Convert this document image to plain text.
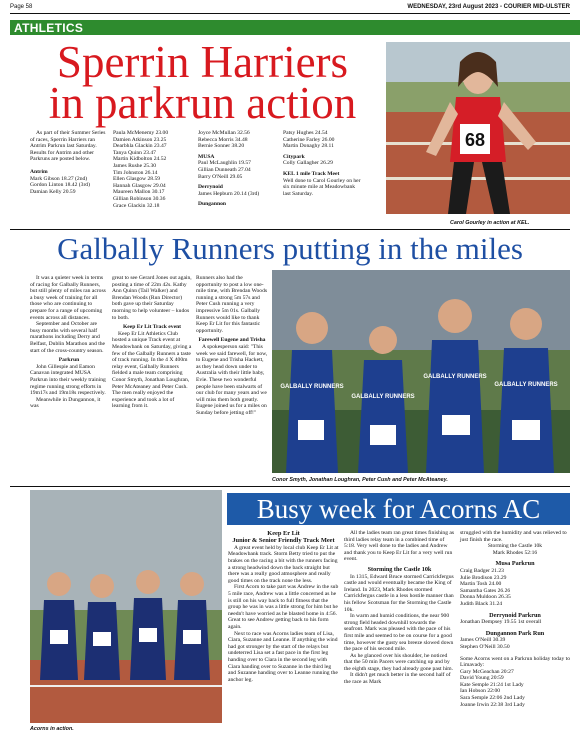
Page 58	WEDNESDAY, 23rd August 2023 - COURIER MID-ULSTER
ATHLETICS
Sperrin Harriers
in parkrun action

As part of their Summer Series of races, Sperrin Harriers ran Antrim Parkrun last Saturday. Results for Antrim and other Parkruns are posted below.

Antrim

Mark Gibson 18.27 (2nd)

Gordon Linton 18.42 (3rd)

Damian Kelly 20.59

Paula McMenemy 23.00

Damien Atkinson 23.25

Dearbhla Glackin 23.47

Tanya Quinn 23.47

Martin Kidbolton 24.52

James Rushe 25.30

Tim Johnston 26.14

Ellen Glasgow 28.59

Hannah Glasgow 29.04

Maureen Mallon 30.17

Gillian Robinson 30.36

Grace Glackin 32.18

Joyce McMullan 32.56

Rebecca Morris 34.48

Bernie Sonner 38.20

MUSA

Paul McLaughlin 19.57

Gillian Dunneath 27.04

Barry O'Neill 29.05

Derrynoid

James Hepburn 20.14 (3rd)

Dungannon

Patsy Hughes 24.54

Catherine Farley 26.00

Martin Donaghy 28.11

Citypark

Colly Gallagher 26.29

KEL 1 mile Track Meet

Well done to Carol Gourley on her six minute mile at Meadowbank last Saturday.

68
Carol Gourley in action at KEL.
Galbally Runners putting in the miles

It was a quieter week in terms of racing for Galbally Runners, but still plenty of miles ran across a busy week of training for all those who are continuing to prepare for a range of upcoming events across all distances.

September and October are busy months with several half marathons including Derry and Belfast, Dublin Marathon and the start of the cross-country season.

Parkrun

John Gillespie and Eamon Canavan integrated MUSA Parkrun into their weekly training regime running strong efforts in 19m17s and 19m18s respectively.

Meanwhile in Dungannon, it was

great to see Gerard Jones out again, posting a time of 22m 42s. Kathy Ann Quinn (Tail Walker) and Brendan Woods (Run Director) both gave up their Saturday morning to help volunteer – kudos to both.

Keep Er Lit Track event

Keep Er Lit Athletics Club hosted a unique Track event at Meadowbank on Saturday, giving a few of the Galbally Runners a taste of track running. In the 4 X 400m relay event, Galbally Runners fielded a male team comprising Conor Smyth, Jonathan Loughran, Peter McAteaney and Peter Cush. The men really enjoyed the experience and took a lot of learning from it.

Runners also had the opportunity to post a low one-mile time, with Brendan Woods running a strong 5m 57s and Peter Cush running a very impressive 5m 01s. Galbally Runners would like to thank Keep Er Lit for this fantastic opportunity.

Farewell Eugene and Trisha

A spokesperson said: "This week we said farewell, for now, to Eugene and Trisha Hackett, as they head down under to Australia with their little baby, Evie. These two wonderful people have been stalwarts of our club for many years and we will miss them both greatly. Eugene joined us for a miles on Sunday before jetting off!"

GALBALLY RUNNERS
GALBALLY RUNNERS
GALBALLY RUNNERS
GALBALLY RUNNERS
Conor Smyth, Jonathan Loughran, Peter Cush and Peter McAteaney.
Acorns in action.
Busy week for Acorns AC

Keep Er Lit

Junior & Senior Friendly Track Meet

A great event held by local club Keep Er Lit at Meadowbank track. Storm Betty tried to put the brakes on the racing a bit with the runners facing a strong headwind down the back straight but there was a really good atmosphere and really good times on the track none the less.

First Acorn to take part was Andrew in the sub 5 mile race, Andrew was a little concerned as he is still on his way back to full fitness that the group he was in was a little strong for him but he needn't have worried as he blasted home in 4:56. Great to see Andrew getting back to his form again.

Next to race was Acorns ladies team of Lisa, Ciara, Suzanne and Leanne. If anything the wind had got stronger by the start of the relays but undeterred Lisa set a fast pace in the first leg handing over to Ciara in the second leg with Ciara handing over to Suzanne in the third leg and Suzanne handing over to Leanne running the anchor leg.

All the ladies team ran great times finishing as third ladies relay team in a combined time of 5:18. Very well done to the ladies and Andrew and thank you to Keep Er Lit for a very well run event.

Storming the Castle 10k

In 1315, Edward Bruce stormed Carrickfergus castle and would eventually became the King of Ireland. In 2023, Mark Rhodes stormed Carrickfergus castle in a less hostile manner than his fellow Scotsman for the Storming the Castle 10k.

In warm and humid conditions, the near 900 strong field headed downhill towards the seafront. Mark was pleased with the pace of his first mile and seemed to be on course for a good time, however the gusty sea breeze slowed down the pace of his second mile.

As he glanced over his shoulder, he noticed that the 50 min Pacers were catching up and by the eighth stage, they had already gone past him.

It didn't get much better in the second half of the race as Mark

struggled with the humidity and was relieved to just finish the race.

Storming the Castle 10k

Mark Rhodes 52:16

Musa Parkrun

Craig Badger 21.23

Julie Brodison 23.29

Martin Tosh 24.00

Samantha Gates 26.26

Donna Muldoon 26.35

Judith Black 31.24

Derrynoid Parkrun

Jonathan Dempsey 19.55 1st overall

Dungannon Park Run

James O'Neill 30.39

Stephen O'Neill 30.50

Some Acorns went on a Parkrun holiday today to Limavady:

Gary McGeachan 20:27

David Young 20:59

Kate Semple 21:24 1st Lady

Ian Hobson 22:00

Sara Semple 22:06 2nd Lady

Joanne Irwin 22:38 3rd Lady
